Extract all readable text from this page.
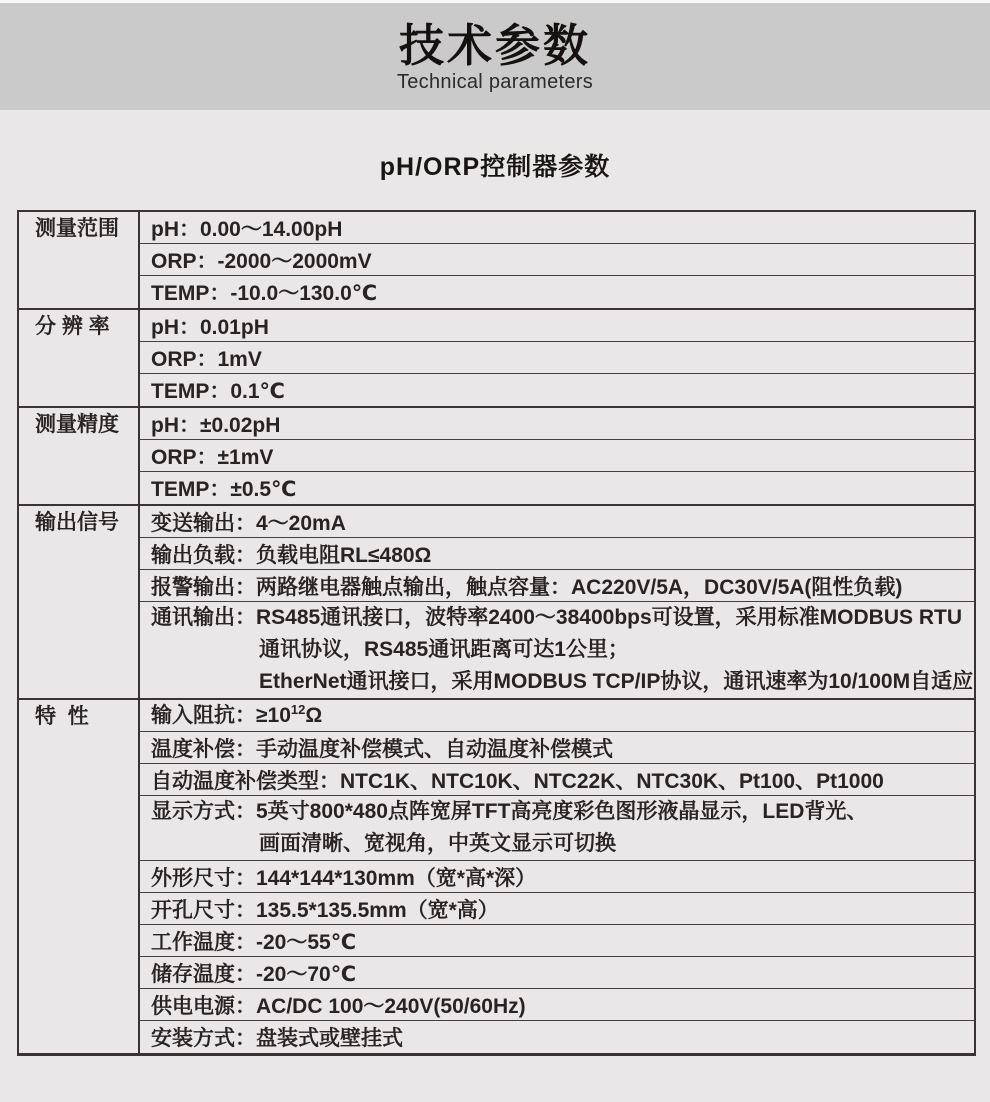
技术参数
Technical parameters
pH/ORP控制器参数
测量范围	pH：0.00～14.00pH
ORP：-2000～2000mV
TEMP：-10.0～130.0℃
分 辨 率	pH：0.01pH
ORP：1mV
TEMP：0.1℃
测量精度	pH：±0.02pH
ORP：±1mV
TEMP：±0.5℃
输出信号	变送输出：4～20mA
输出负载：负载电阻RL≤480Ω
报警输出：两路继电器触点输出，触点容量：AC220V/5A，DC30V/5A(阻性负载)
通讯输出：RS485通讯接口，波特率2400～38400bps可设置，采用标准MODBUS RTU
通讯协议，RS485通讯距离可达1公里；
EtherNet通讯接口，采用MODBUS TCP/IP协议，通讯速率为10/100M自适应
特  性	输入阻抗：$\ge 10^{12}\Omega$
温度补偿：手动温度补偿模式、自动温度补偿模式
自动温度补偿类型：NTC1K、NTC10K、NTC22K、NTC30K、Pt100、Pt1000
显示方式：5英寸800*480点阵宽屏TFT高亮度彩色图形液晶显示，LED背光、
画面清晰、宽视角，中英文显示可切换
外形尺寸：144*144*130mm（宽*高*深）
开孔尺寸：135.5*135.5mm（宽*高）
工作温度：-20～55℃
储存温度：-20～70℃
供电电源：AC/DC 100～240V(50/60Hz)
安装方式：盘装式或壁挂式
